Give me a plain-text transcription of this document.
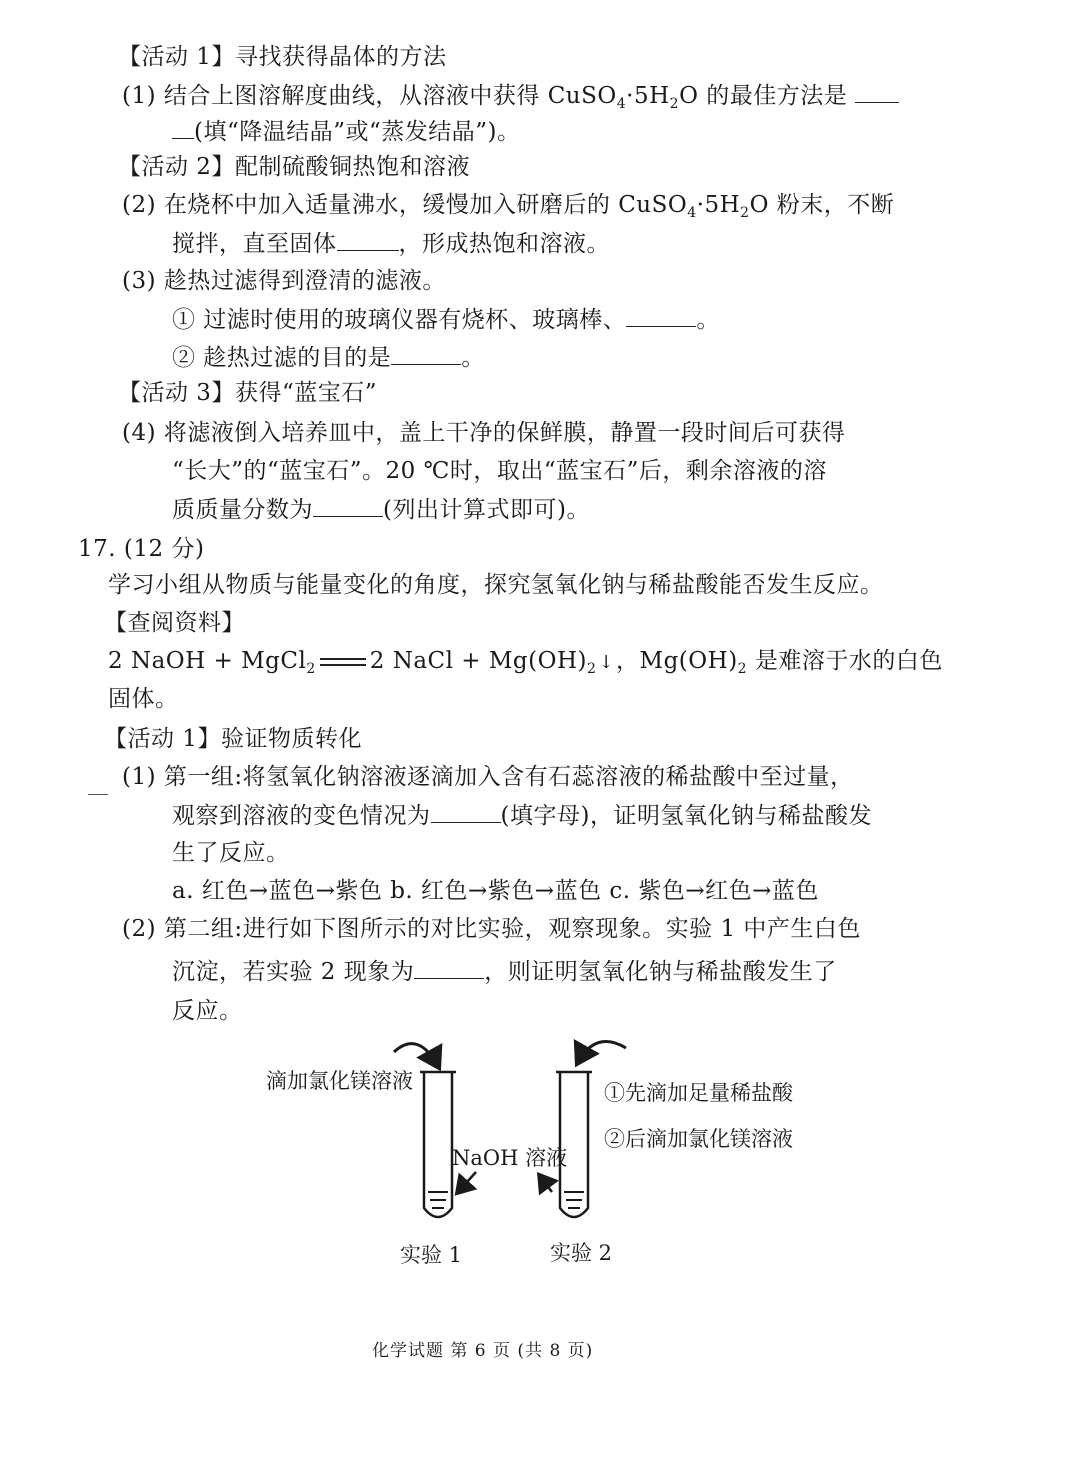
【活动 1】寻找获得晶体的方法
(1) 结合上图溶解度曲线，从溶液中获得 $CuSO_4\cdot 5H_2O$ 的最佳方法是
(填“降温结晶”或“蒸发结晶”)。
【活动 2】配制硫酸铜热饱和溶液
(2) 在烧杯中加入适量沸水，缓慢加入研磨后的 $CuSO_4\cdot 5H_2O$ 粉末，不断
搅拌，直至固体	，形成热饱和溶液。
(3) 趁热过滤得到澄清的滤液。
① 过滤时使用的玻璃仪器有烧杯、玻璃棒、	。
② 趁热过滤的目的是	。
【活动 3】获得“蓝宝石”
(4) 将滤液倒入培养皿中，盖上干净的保鲜膜，静置一段时间后可获得
“长大”的“蓝宝石”。20 ℃时，取出“蓝宝石”后，剩余溶液的溶
质质量分数为	(列出计算式即可)。
17. (12 分)
学习小组从物质与能量变化的角度，探究氢氧化钠与稀盐酸能否发生反应。
【查阅资料】
2 NaOH + MgCl$_2$ 2 NaCl + $Mg(OH)_2$ ↓，$Mg(OH)_2$ 是难溶于水的白色
固体。
【活动 1】验证物质转化
(1) 第一组:将氢氧化钠溶液逐滴加入含有石蕊溶液的稀盐酸中至过量，
观察到溶液的变色情况为	(填字母)，证明氢氧化钠与稀盐酸发
生了反应。
a. 红色→蓝色→紫色 b. 红色→紫色→蓝色 c. 紫色→红色→蓝色
(2) 第二组:进行如下图所示的对比实验，观察现象。实验 1 中产生白色
沉淀，若实验 2 现象为	，则证明氢氧化钠与稀盐酸发生了
反应。
滴加氯化镁溶液
NaOH 溶液
①先滴加足量稀盐酸
②后滴加氯化镁溶液
实验 1	实验 2
化学试题 第 6 页 (共 8 页)
